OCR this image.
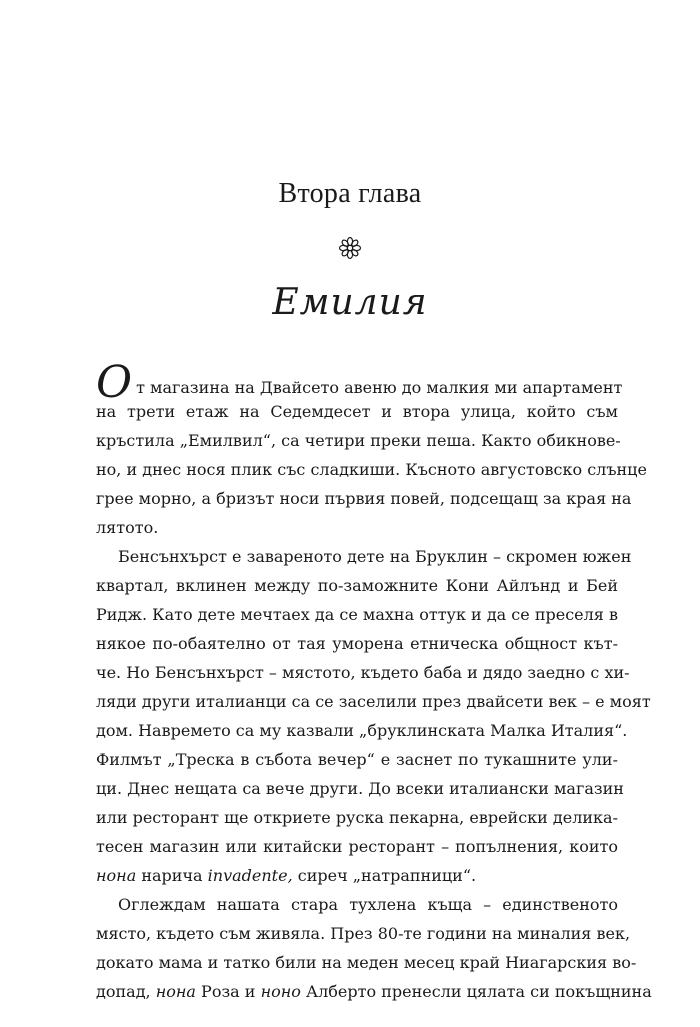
Втора глава
Емилия
От магазина на Двайсето авеню до малкия ми апартамент
на трети етаж на Седемдесет и втора улица, който съм
кръстила „Емилвил“, са четири преки пеша. Както обикнове-
но, и днес нося плик със сладкиши. Късното августовско слънце
грее морно, а бризът носи първия повей, подсещащ за края на
лятото.
Бенсънхърст е завареното дете на Бруклин – скромен южен
квартал, вклинен между по-заможните Кони Айлънд и Бей
Ридж. Като дете мечтаех да се махна оттук и да се преселя в
някое по-обаятелно от тая уморена етническа общност кът-
че. Но Бенсънхърст – мястото, където баба и дядо заедно с хи-
ляди други италианци са се заселили през двайсети век – е моят
дом. Навремето са му казвали „бруклинската Малка Италия“.
Филмът „Треска в събота вечер“ е заснет по тукашните ули-
ци. Днес нещата са вече други. До всеки италиански магазин
или ресторант ще откриете руска пекарна, еврейски делика-
тесен магазин или китайски ресторант – попълнения, които
нона нарича invadente, сиреч „натрапници“.
Оглеждам нашата стара тухлена къща – единственото
място, където съм живяла. През 80-те години на миналия век,
докато мама и татко били на меден месец край Ниагарския во-
допад, нона Роза и ноно Алберто пренесли цялата си покъщнина
